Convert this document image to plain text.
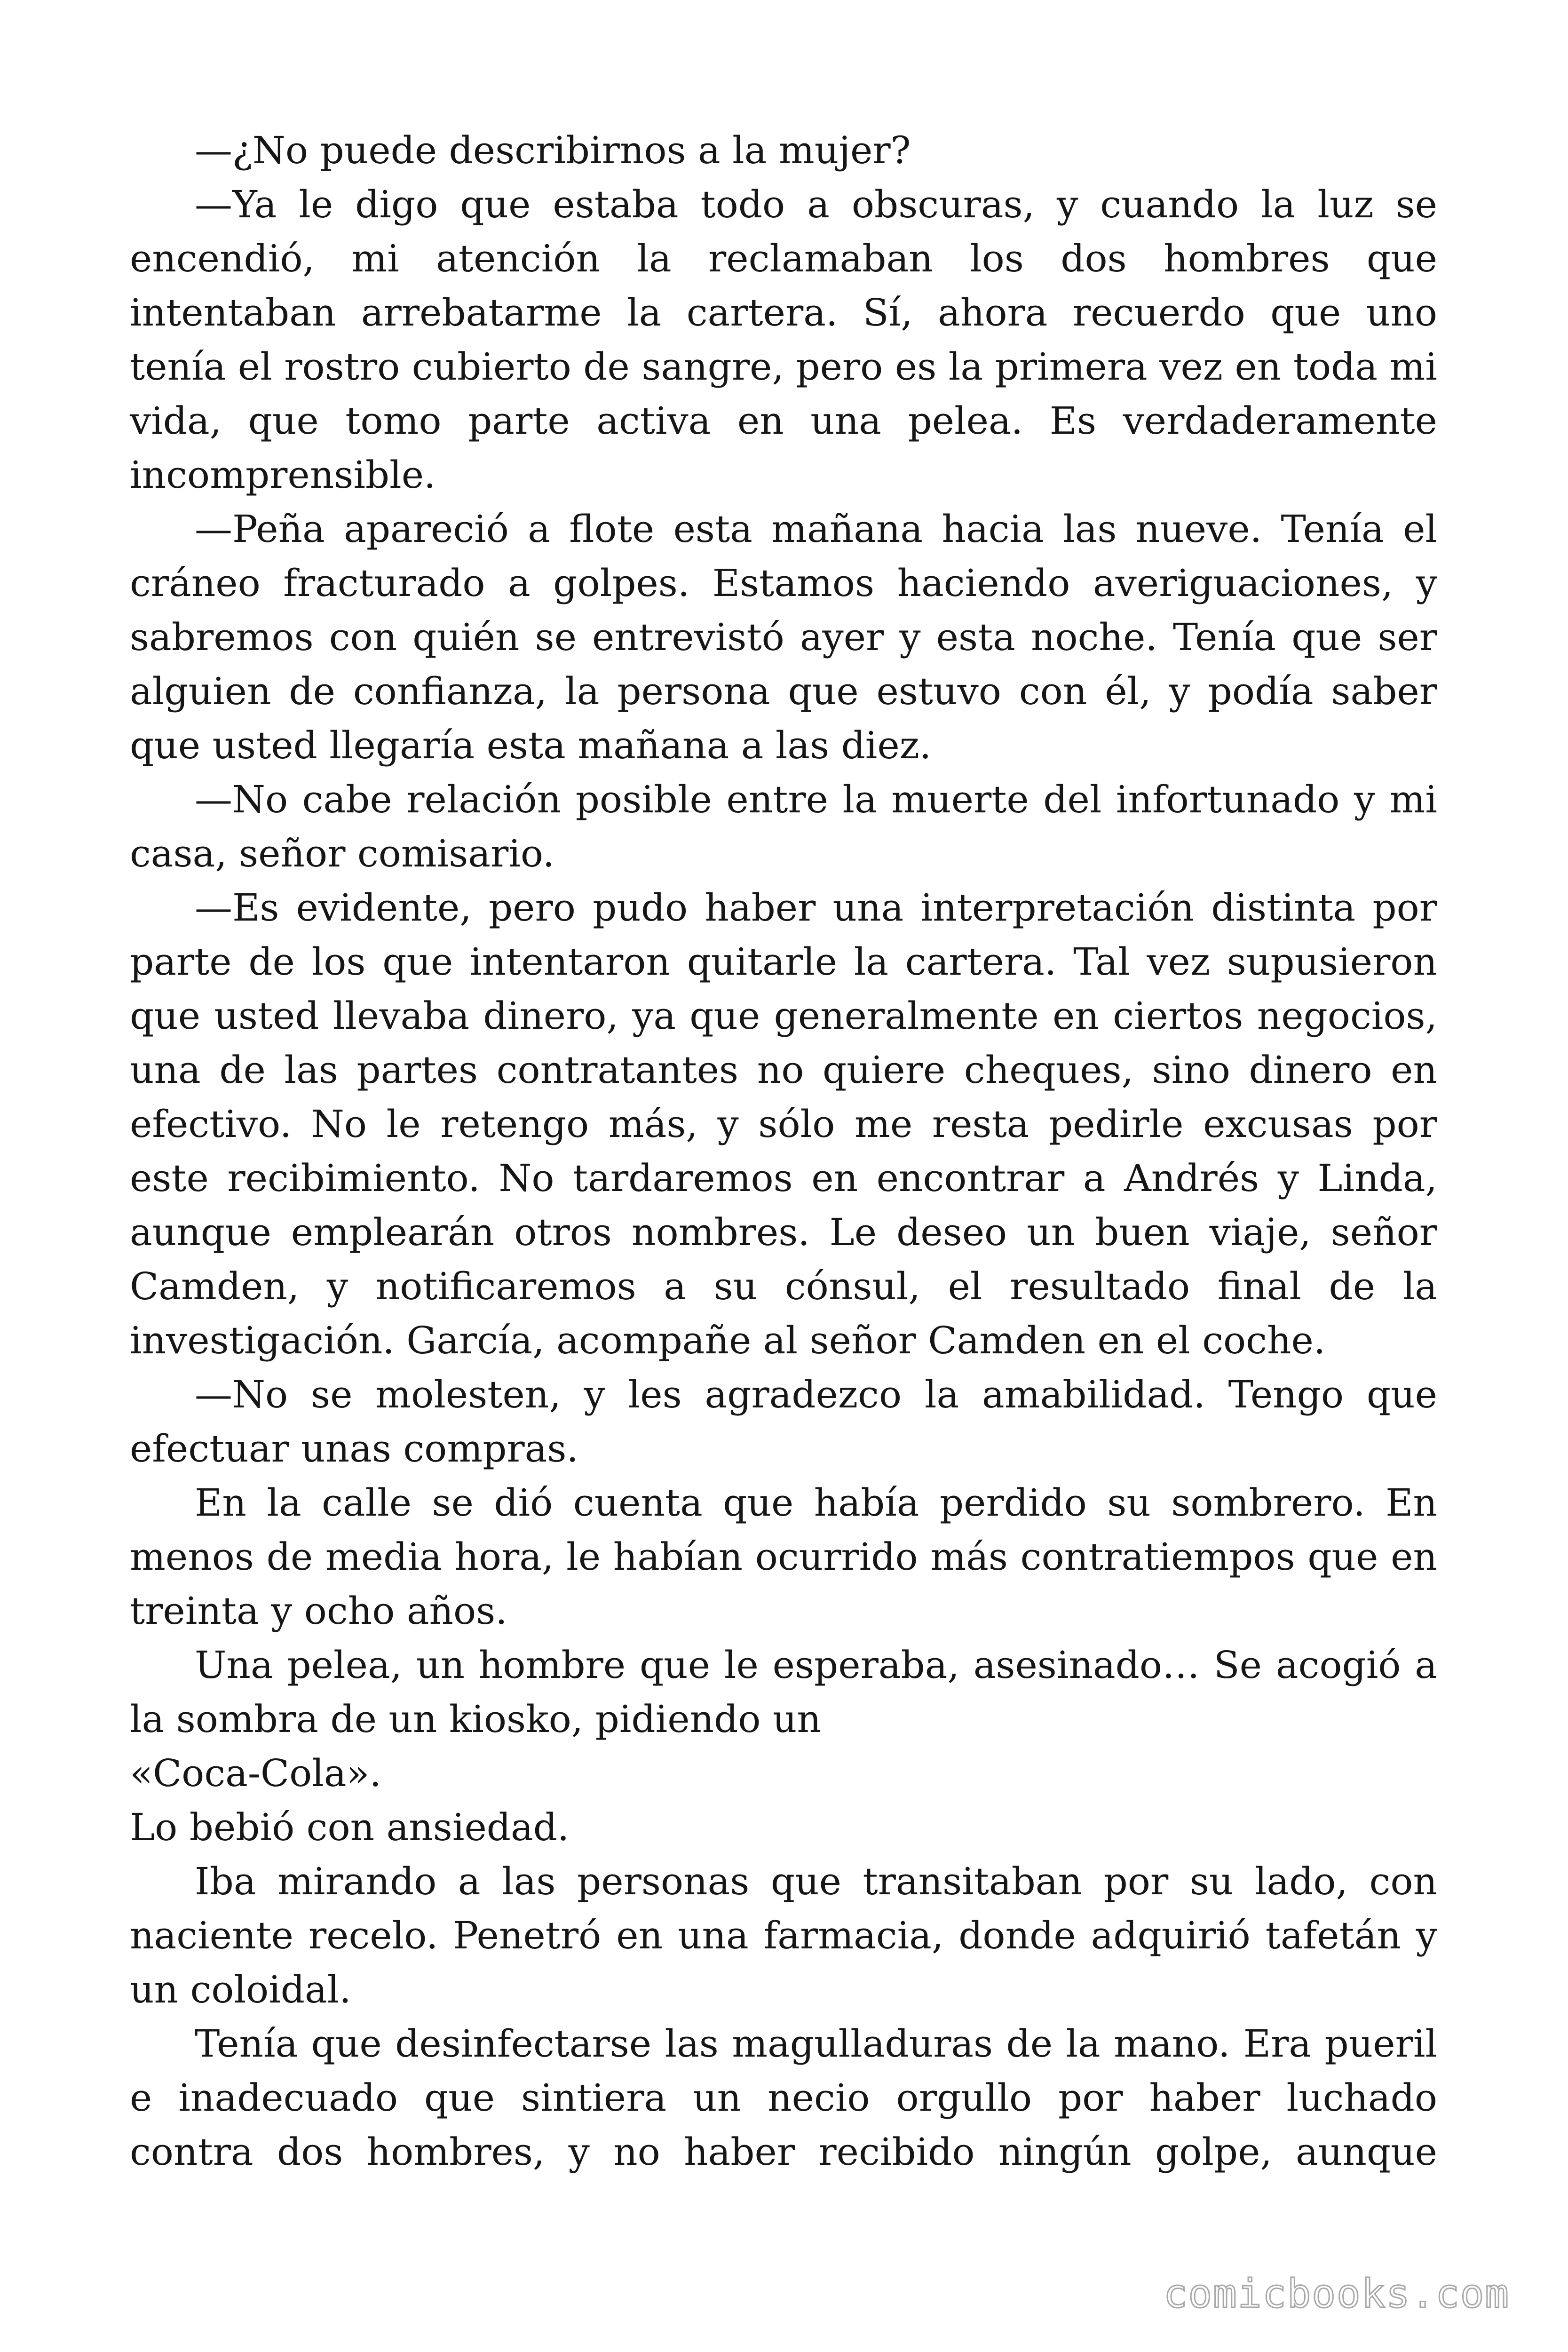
—¿No puede describirnos a la mujer?

—Ya le digo que estaba todo a obscuras, y cuando la luz se encendió, mi atención la reclamaban los dos hombres que intentaban arrebatarme la cartera. Sí, ahora recuerdo que uno tenía el rostro cubierto de sangre, pero es la primera vez en toda mi vida, que tomo parte activa en una pelea. Es verdaderamente incomprensible.

—Peña apareció a flote esta mañana hacia las nueve. Tenía el cráneo fracturado a golpes. Estamos haciendo averiguaciones, y sabremos con quién se entrevistó ayer y esta noche. Tenía que ser alguien de confianza, la persona que estuvo con él, y podía saber que usted llegaría esta mañana a las diez.

—No cabe relación posible entre la muerte del infortunado y mi casa, señor comisario.

—Es evidente, pero pudo haber una interpretación distinta por parte de los que intentaron quitarle la cartera. Tal vez supusieron que usted llevaba dinero, ya que generalmente en ciertos negocios, una de las partes contratantes no quiere cheques, sino dinero en efectivo. No le retengo más, y sólo me resta pedirle excusas por este recibimiento. No tardaremos en encontrar a Andrés y Linda, aunque emplearán otros nombres. Le deseo un buen viaje, señor Camden, y notificaremos a su cónsul, el resultado final de la investigación. García, acompañe al señor Camden en el coche.

—No se molesten, y les agradezco la amabilidad. Tengo que efectuar unas compras.

En la calle se dió cuenta que había perdido su sombrero. En menos de media hora, le habían ocurrido más contratiempos que en treinta y ocho años.

Una pelea, un hombre que le esperaba, asesinado… Se acogió a la sombra de un kiosko, pidiendo un

«Coca-Cola».

Lo bebió con ansiedad.

Iba mirando a las personas que transitaban por su lado, con naciente recelo. Penetró en una farmacia, donde adquirió tafetán y un coloidal.

Tenía que desinfectarse las magulladuras de la mano. Era pueril e inadecuado que sintiera un necio orgullo por haber luchado contra dos hombres, y no haber recibido ningún golpe, aunque

comicbooks.com
